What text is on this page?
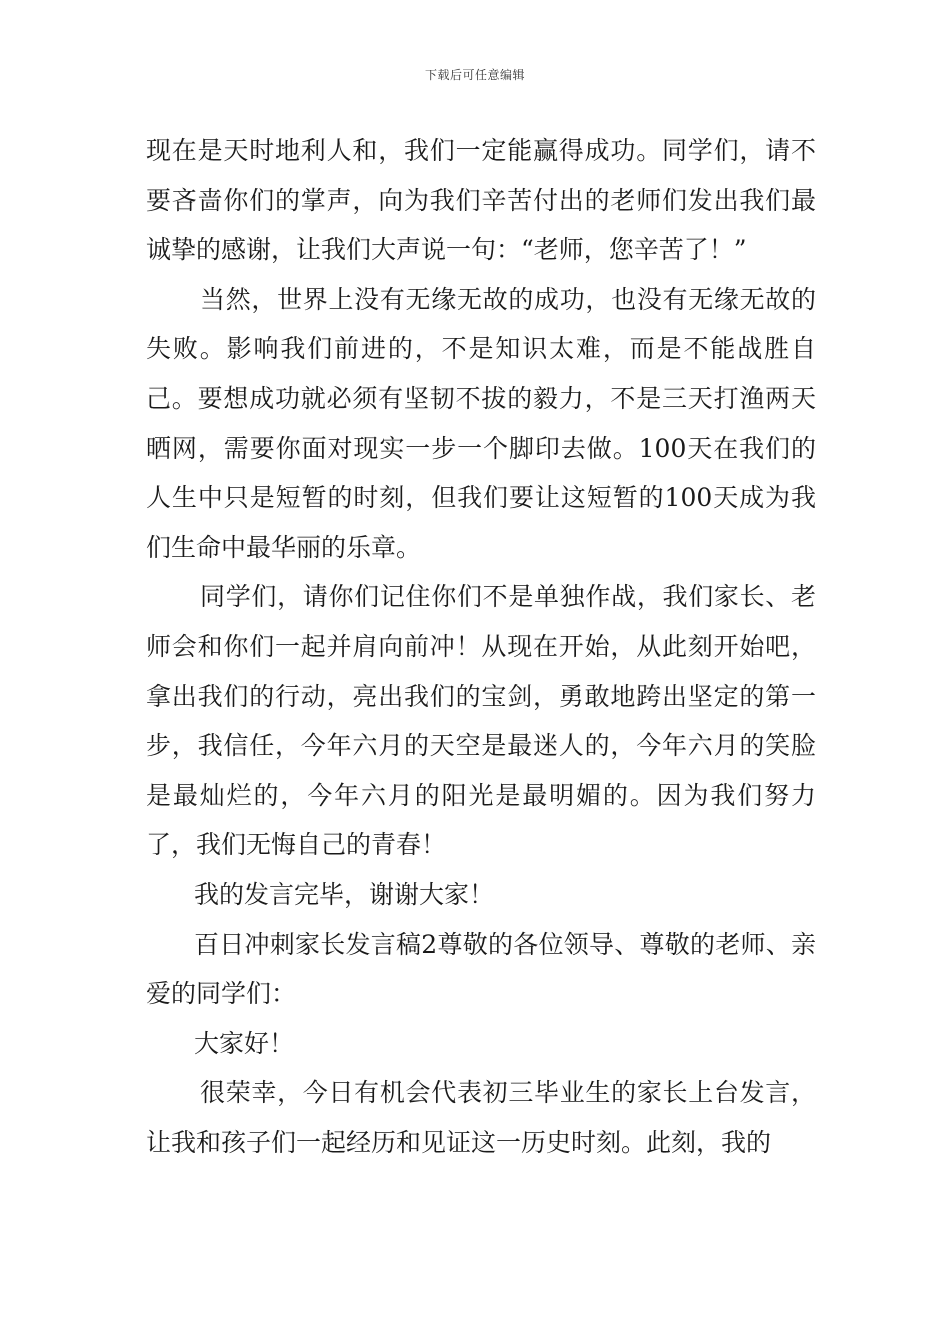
下载后可任意编辑

现在是天时地利人和，我们一定能赢得成功。同学们，请不要吝啬你们的掌声，向为我们辛苦付出的老师们发出我们最诚挚的感谢，让我们大声说一句：“老师，您辛苦了！”

当然，世界上没有无缘无故的成功，也没有无缘无故的失败。影响我们前进的，不是知识太难，而是不能战胜自己。要想成功就必须有坚韧不拔的毅力，不是三天打渔两天晒网，需要你面对现实一步一个脚印去做。100天在我们的人生中只是短暂的时刻，但我们要让这短暂的100天成为我们生命中最华丽的乐章。

同学们，请你们记住你们不是单独作战，我们家长、老师会和你们一起并肩向前冲！从现在开始，从此刻开始吧，拿出我们的行动，亮出我们的宝剑，勇敢地跨出坚定的第一步，我信任，今年六月的天空是最迷人的，今年六月的笑脸是最灿烂的，今年六月的阳光是最明媚的。因为我们努力了，我们无悔自己的青春！

我的发言完毕，谢谢大家！

百日冲刺家长发言稿2尊敬的各位领导、尊敬的老师、亲爱的同学们：

大家好！

很荣幸，今日有机会代表初三毕业生的家长上台发言，让我和孩子们一起经历和见证这一历史时刻。此刻，我的
